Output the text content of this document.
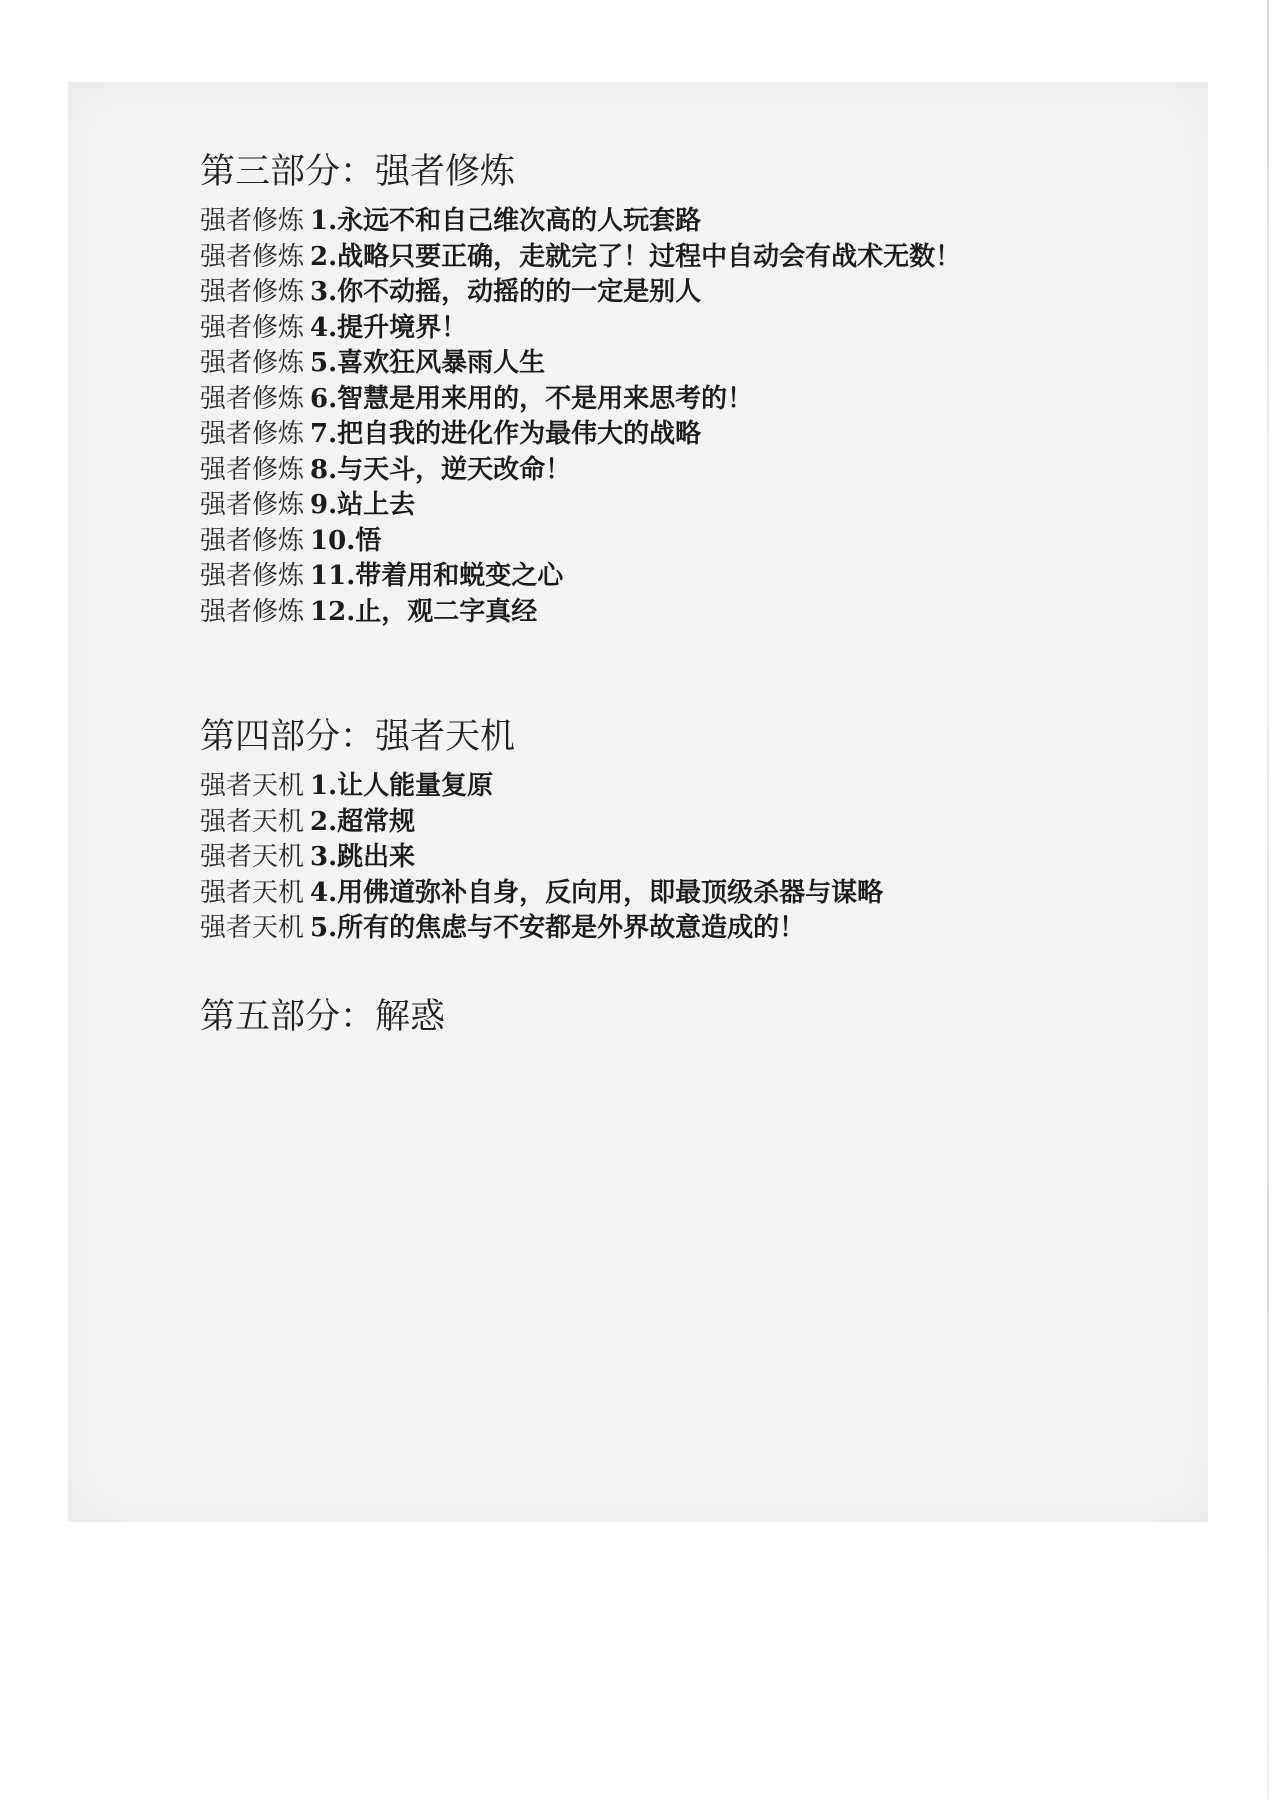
第三部分：强者修炼
强者修炼 1.永远不和自己维次高的人玩套路
强者修炼 2.战略只要正确，走就完了！过程中自动会有战术无数！
强者修炼 3.你不动摇，动摇的的一定是别人
强者修炼 4.提升境界！
强者修炼 5.喜欢狂风暴雨人生
强者修炼 6.智慧是用来用的，不是用来思考的！
强者修炼 7.把自我的进化作为最伟大的战略
强者修炼 8.与天斗，逆天改命！
强者修炼 9.站上去
强者修炼 10.悟
强者修炼 11.带着用和蜕变之心
强者修炼 12.止，观二字真经
第四部分：强者天机
强者天机 1.让人能量复原
强者天机 2.超常规
强者天机 3.跳出来
强者天机 4.用佛道弥补自身，反向用，即最顶级杀器与谋略
强者天机 5.所有的焦虑与不安都是外界故意造成的！
第五部分：解惑
